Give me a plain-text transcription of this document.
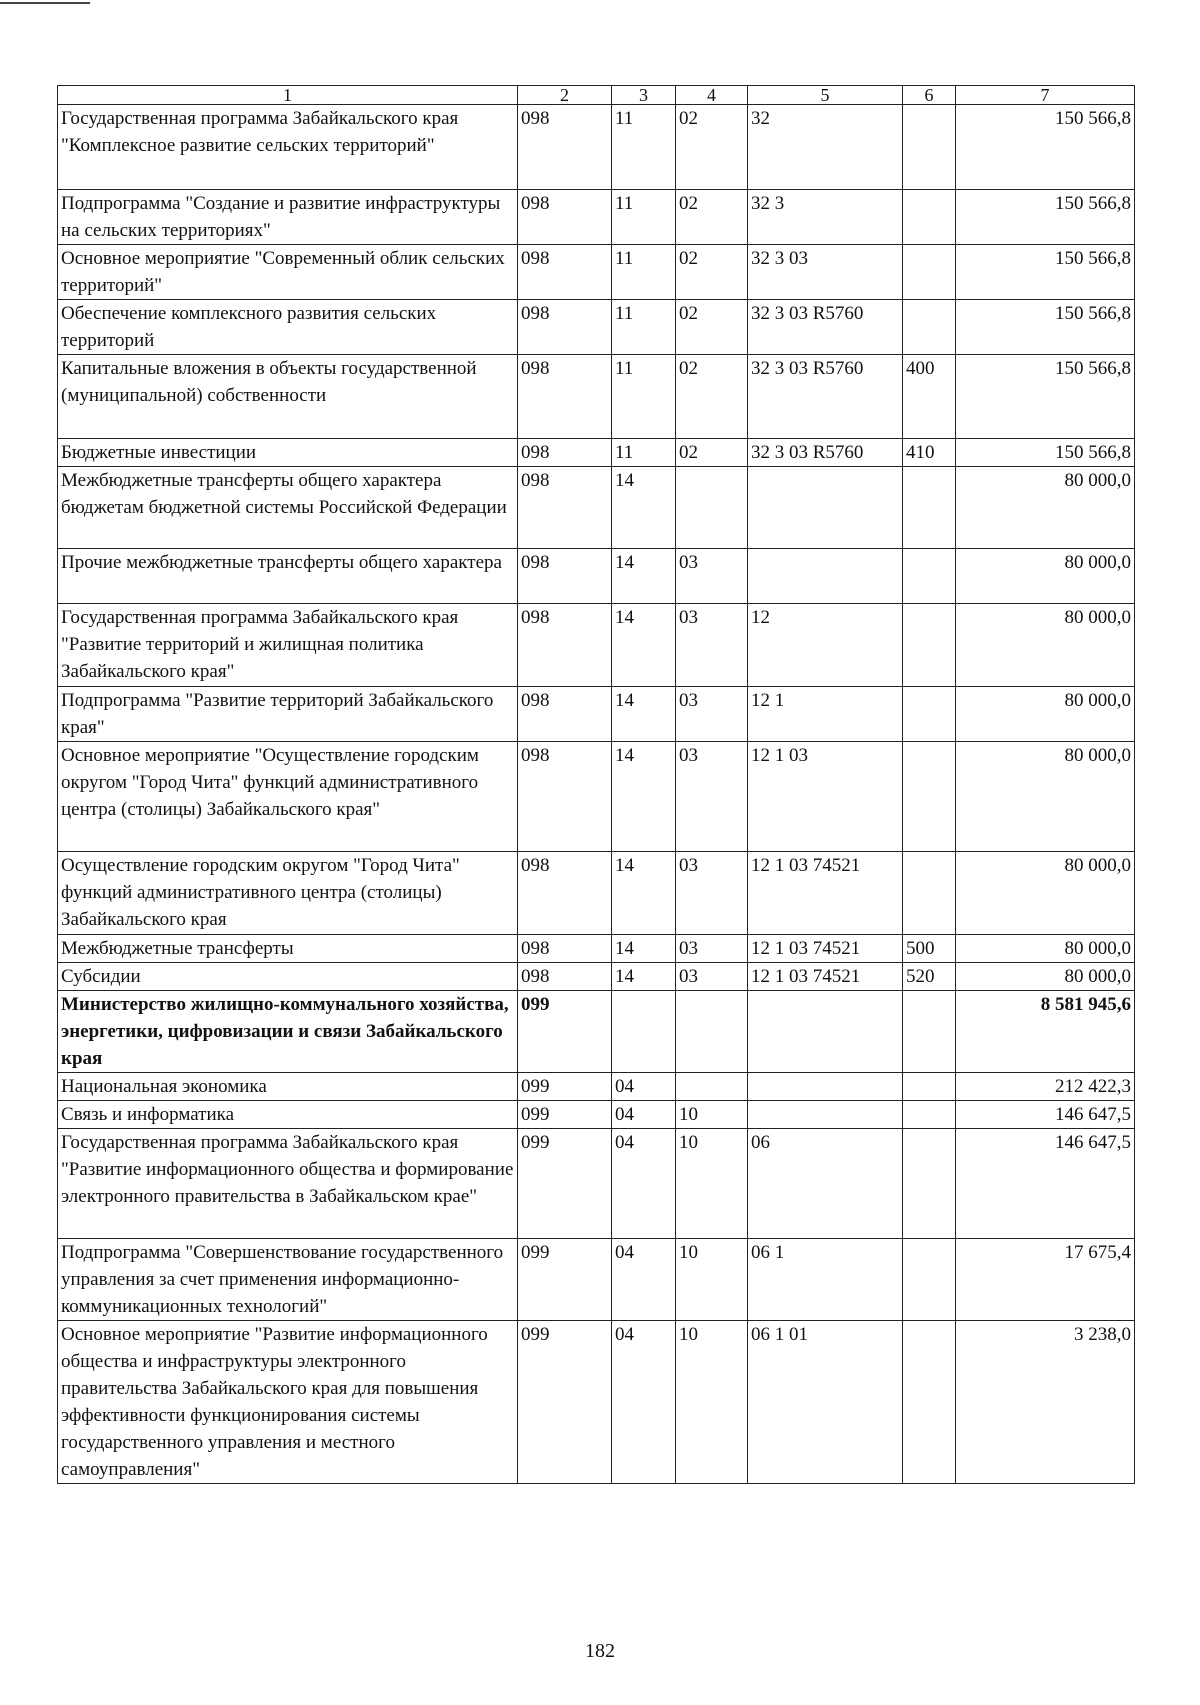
1	2	3	4	5	6	7
Государственная программа Забайкальского края "Комплексное развитие сельских территорий"	098	11	02	32		150 566,8
Подпрограмма "Создание и развитие инфраструктуры на сельских территориях"	098	11	02	32 3		150 566,8
Основное мероприятие "Современный облик сельских территорий"	098	11	02	32 3 03		150 566,8
Обеспечение комплексного развития сельских территорий	098	11	02	32 3 03 R5760		150 566,8
Капитальные вложения в объекты государственной (муниципальной) собственности	098	11	02	32 3 03 R5760	400	150 566,8
Бюджетные инвестиции	098	11	02	32 3 03 R5760	410	150 566,8
Межбюджетные трансферты общего характера бюджетам бюджетной системы Российской Федерации	098	14				80 000,0
Прочие межбюджетные трансферты общего характера	098	14	03			80 000,0
Государственная программа Забайкальского края "Развитие территорий и жилищная политика Забайкальского края"	098	14	03	12		80 000,0
Подпрограмма "Развитие территорий Забайкальского края"	098	14	03	12 1		80 000,0
Основное мероприятие "Осуществление городским округом "Город Чита" функций административного центра (столицы) Забайкальского края"	098	14	03	12 1 03		80 000,0
Осуществление городским округом "Город Чита" функций административного центра (столицы) Забайкальского края	098	14	03	12 1 03 74521		80 000,0
Межбюджетные трансферты	098	14	03	12 1 03 74521	500	80 000,0
Субсидии	098	14	03	12 1 03 74521	520	80 000,0
Министерство жилищно-коммунального хозяйства, энергетики, цифровизации и связи Забайкальского края	099					8 581 945,6
Национальная экономика	099	04				212 422,3
Связь и информатика	099	04	10			146 647,5
Государственная программа Забайкальского края "Развитие информационного общества и формирование электронного правительства в Забайкальском крае"	099	04	10	06		146 647,5
Подпрограмма "Совершенствование государственного управления за счет применения информационно-коммуникационных технологий"	099	04	10	06 1		17 675,4
Основное мероприятие "Развитие информационного общества и инфраструктуры электронного правительства Забайкальского края для повышения эффективности функционирования системы государственного управления и местного самоуправления"	099	04	10	06 1 01		3 238,0
182
